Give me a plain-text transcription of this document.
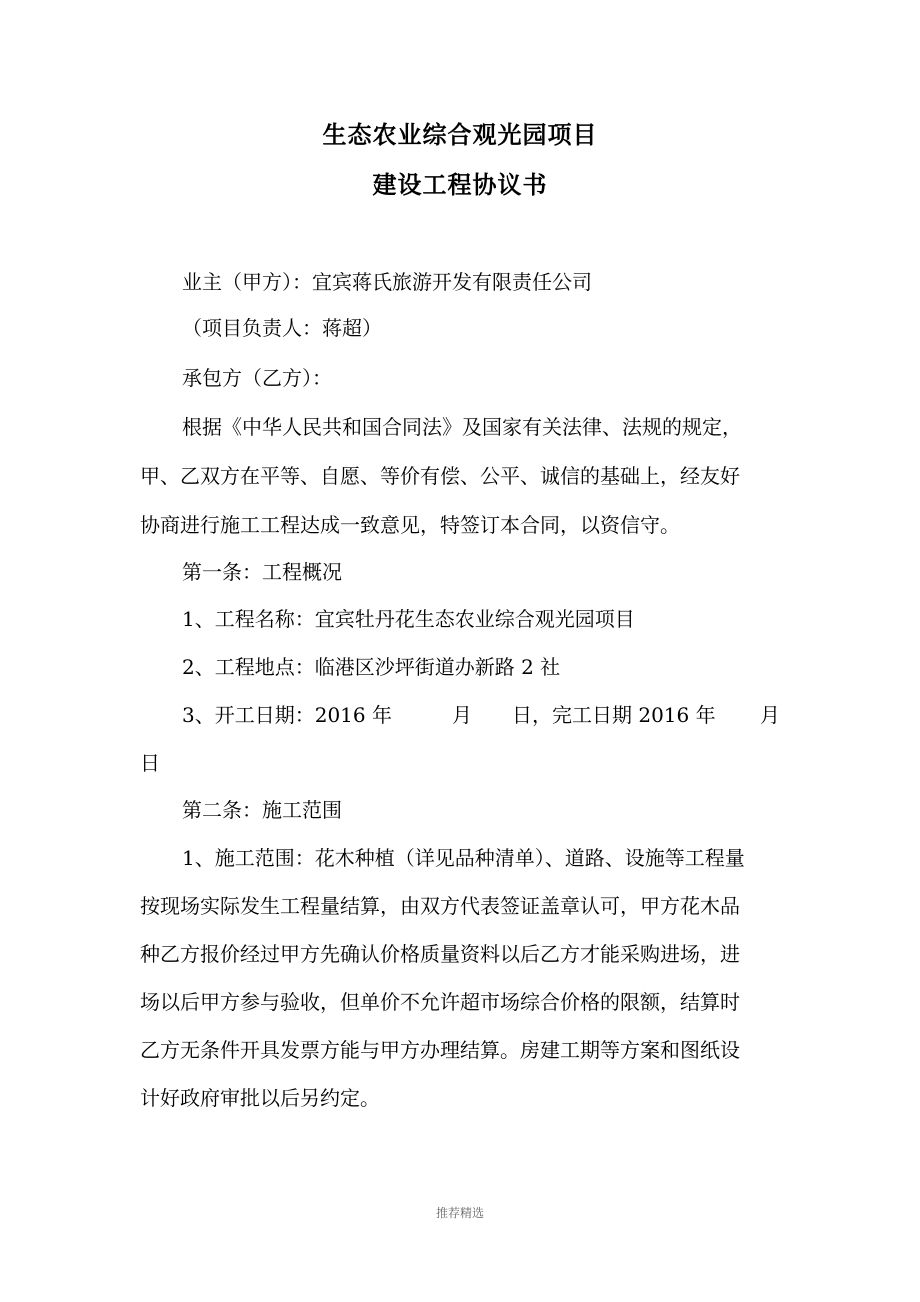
生态农业综合观光园项目
建设工程协议书

业主（甲方）：宜宾蒋氏旅游开发有限责任公司

（项目负责人：蒋超）

承包方（乙方）：

根据《中华人民共和国合同法》及国家有关法律、法规的规定，

甲、乙双方在平等、自愿、等价有偿、公平、诚信的基础上，经友好

协商进行施工工程达成一致意见，特签订本合同，以资信守。

第一条：工程概况

1、工程名称：宜宾牡丹花生态农业综合观光园项目

2、工程地点：临港区沙坪街道办新路 2 社

3、开工日期：2016 年	月 日，完工日期 2016 年 月

日

第二条：施工范围

1、施工范围：花木种植（详见品种清单）、道路、设施等工程量

按现场实际发生工程量结算，由双方代表签证盖章认可，甲方花木品

种乙方报价经过甲方先确认价格质量资料以后乙方才能采购进场，进

场以后甲方参与验收，但单价不允许超市场综合价格的限额，结算时

乙方无条件开具发票方能与甲方办理结算。房建工期等方案和图纸设

计好政府审批以后另约定。

推荐精选
